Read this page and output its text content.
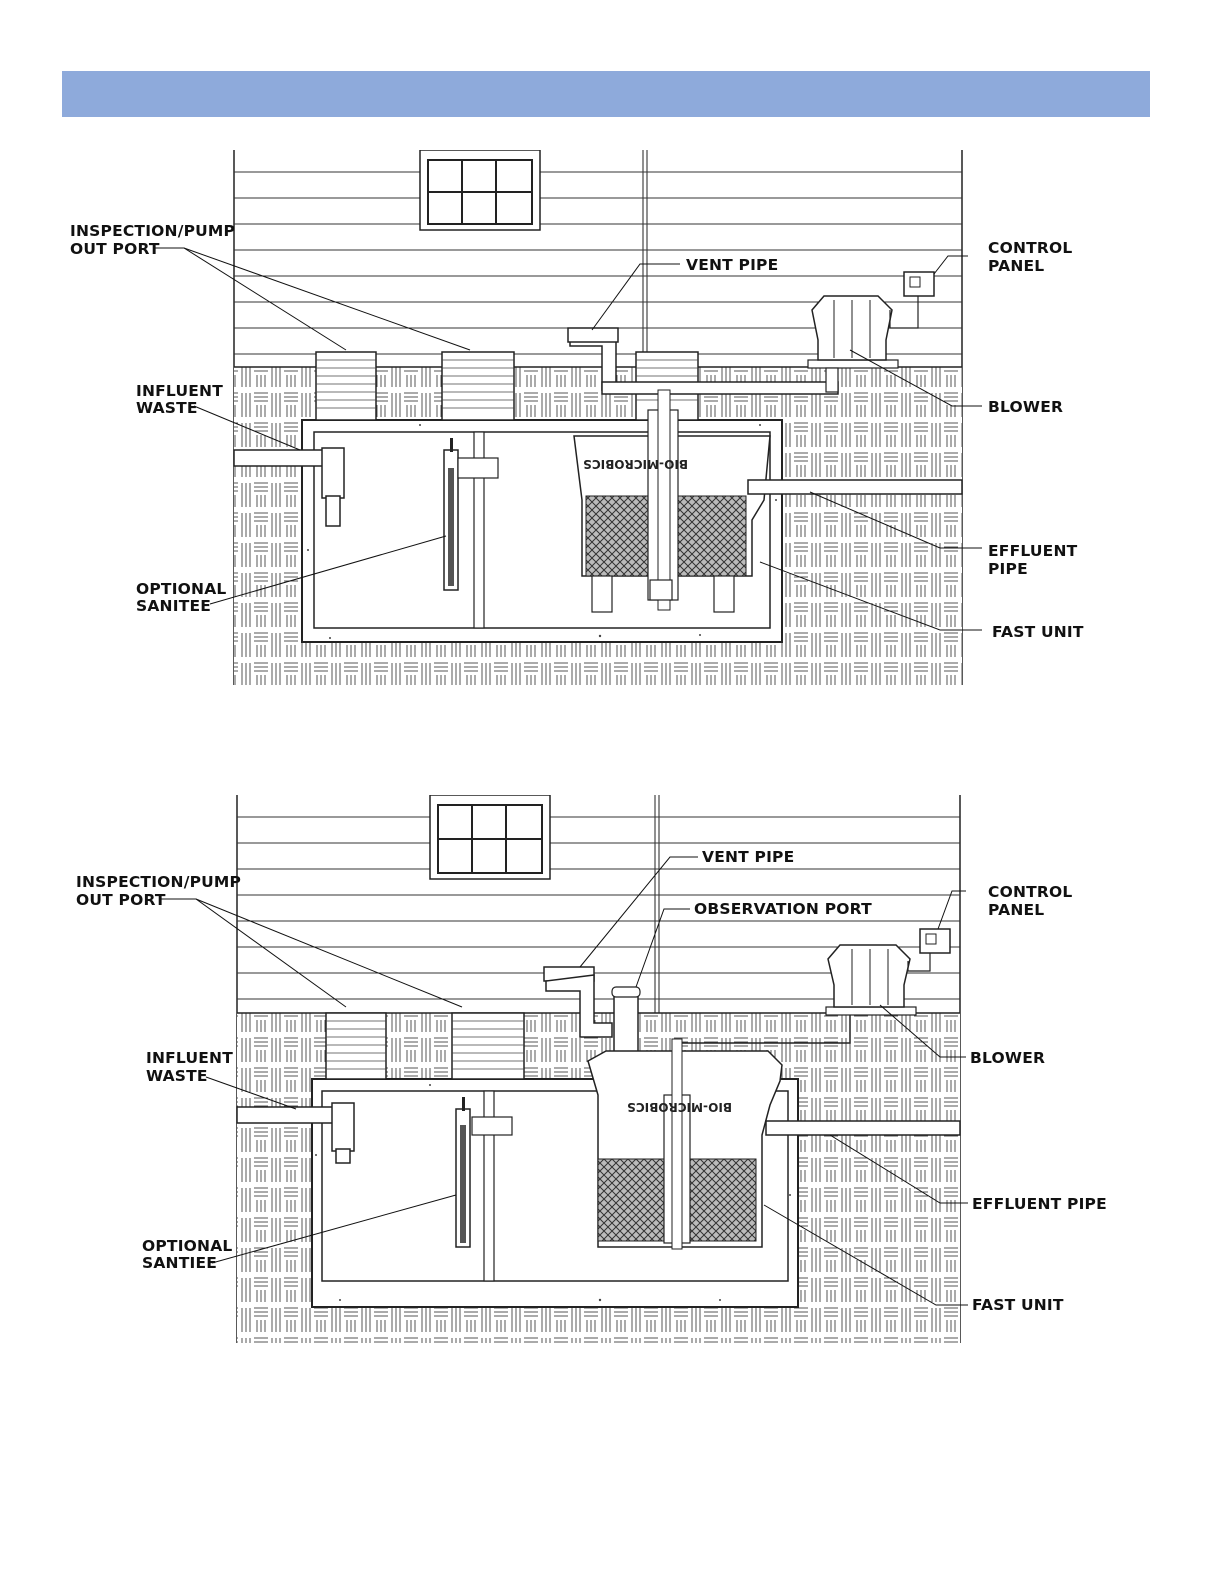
BIO-MICROBICS
INSPECTION/PUMP
OUT PORT
INFLUENT
WASTE
OPTIONAL
SANITEE
VENT PIPE
CONTROL
PANEL
BLOWER
EFFLUENT
PIPE
FAST UNIT
BIO-MICROBICS
INSPECTION/PUMP
OUT PORT
INFLUENT
WASTE
OPTIONAL
SANTIEE
VENT PIPE
OBSERVATION PORT
CONTROL
PANEL
BLOWER
EFFLUENT PIPE
FAST UNIT
